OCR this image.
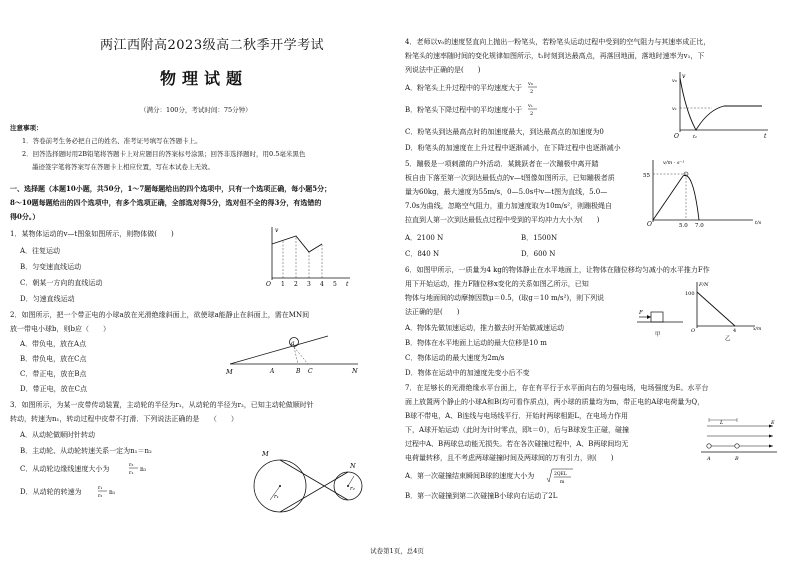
两江西附高2023级高二秋季开学考试
物理试题
（满分：100分，考试时间：75分钟）
注意事项：
1．答卷前考生务必把自己的姓名、准考证号填写在答题卡上。
2．回答选择题时用2B铅笔将答题卡上对应题目的答案标号涂黑；回答非选择题时，用0.5毫米黑色
墨迹签字笔将答案写在答题卡上相应位置，写在本试卷上无效。
一、选择题（本题10小题，共50分，1～7题每题给出的四个选项中，只有一个选项正确，每小题5分；
8～10题每题给出的四个选项中，有多个选项正确，全部选对得5分，选对但不全的得3分，有选错的
得0分。）
1．某物体运动的v—t图象如图所示，则物体做(　　)
A．往复运动
B．匀变速直线运动
C．朝某一方向的直线运动
D．匀速直线运动
v
t
O 1 2 3 4 5
2．如图所示，把一个带正电的小球a放在光滑绝缘斜面上，欲使球a能静止在斜面上，需在MN间
放一带电小球b，则b应（　　）
A．带负电，放在A点
B．带负电，放在C点
C．带正电，放在B点
D．带正电，放在C点
a
M	A	B C	N
3．如图所示，为某一皮带传动装置，主动轮的半径为r₁，从动轮的半径为r₂，已知主动轮做顺时针
转动，转速为n₁，转动过程中皮带不打滑．下列说法正确的是　　（　　）
A．从动轮做顺时针转动
B．主动轮、从动轮转速关系一定为n₁＝n₂
C．从动轮边缘线速度大小为	r₂
r₁ n₁
D．从动轮的转速为	r₁
r₂ n₁
M
N
r₁
r₂
4．老师以v₀的速度竖直向上抛出一粉笔头，若粉笔头运动过程中受到的空气阻力与其速率成正比，
粉笔头的速率随时间的变化规律如图所示，t₁时刻到达最高点，再落回地面，落地时速率为v₁，下
列说法中正确的是(　　)
A．粉笔头上升过程中的平均速度大于 v₀
2
B．粉笔头下降过程中的平均速度小于 v₁
2
C．粉笔头到达最高点时的加速度最大，到达最高点的加速度为0
D．粉笔头的加速度在上升过程中逐渐减小，在下降过程中也逐渐减小
v
t
O
v₀
v₁
t₁
5．蹦极是一项刺激的户外活动．某跳跃者在一次蹦极中离开踏
板自由下落至第一次到达最低点的v—t图像如图所示，已知蹦极者质
量为60kg，最大速度为55m/s，0—5.0s中v—t图为直线，5.0—
7.0s为曲线，忽略空气阻力，重力加速度取为10m/s²，则蹦极绳自
拉直到人第一次到达最低点过程中受到的平均冲力大小为(　　)
A．2100 N	B．1500N
C．840 N	D．600 N
v/m · s⁻¹
t/s
O
55
5.0 7.0
6．如图甲所示，一质量为4 kg的物体静止在水平地面上，让物体在随位移均匀减小的水平推力F作
用下开始运动，推力F随位移x变化的关系如图乙所示，已知
物体与地面间的动摩擦因数μ＝0.5，(取g＝10 m/s²)，则下列说
法正确的是(　　)
A．物体先做加速运动，推力撤去时开始做减速运动
B．物体在水平地面上运动的最大位移是10 m
C．物体运动的最大速度为2m/s
D．物体在运动中的加速度先变小后不变
F
甲
F/N
100
x/m
4
O
乙
7．在足够长的光滑绝缘水平台面上，存在有平行于水平面向右的匀强电场，电场强度为E。水平台
面上放置两个静止的小球A和B(均可看作质点)，两小球的质量均为m，带正电的A球电荷量为Q，
B球不带电，A、B连线与电场线平行．开始时两球相距L，在电场力作用
下，A球开始运动（此时为计时零点，即t＝0），后与B球发生正碰，碰撞
过程中A、B两球总动能无损失。若在各次碰撞过程中，A、B两球间均无
电荷量转移，且不考虑两球碰撞时间及两球间的万有引力，则(　　)
A．第一次碰撞结束瞬间B球的速度大小为	2QEL
m
B．第一次碰撞到第二次碰撞B小球向右运动了2L
L	E
A	B
试卷第1页，总4页
